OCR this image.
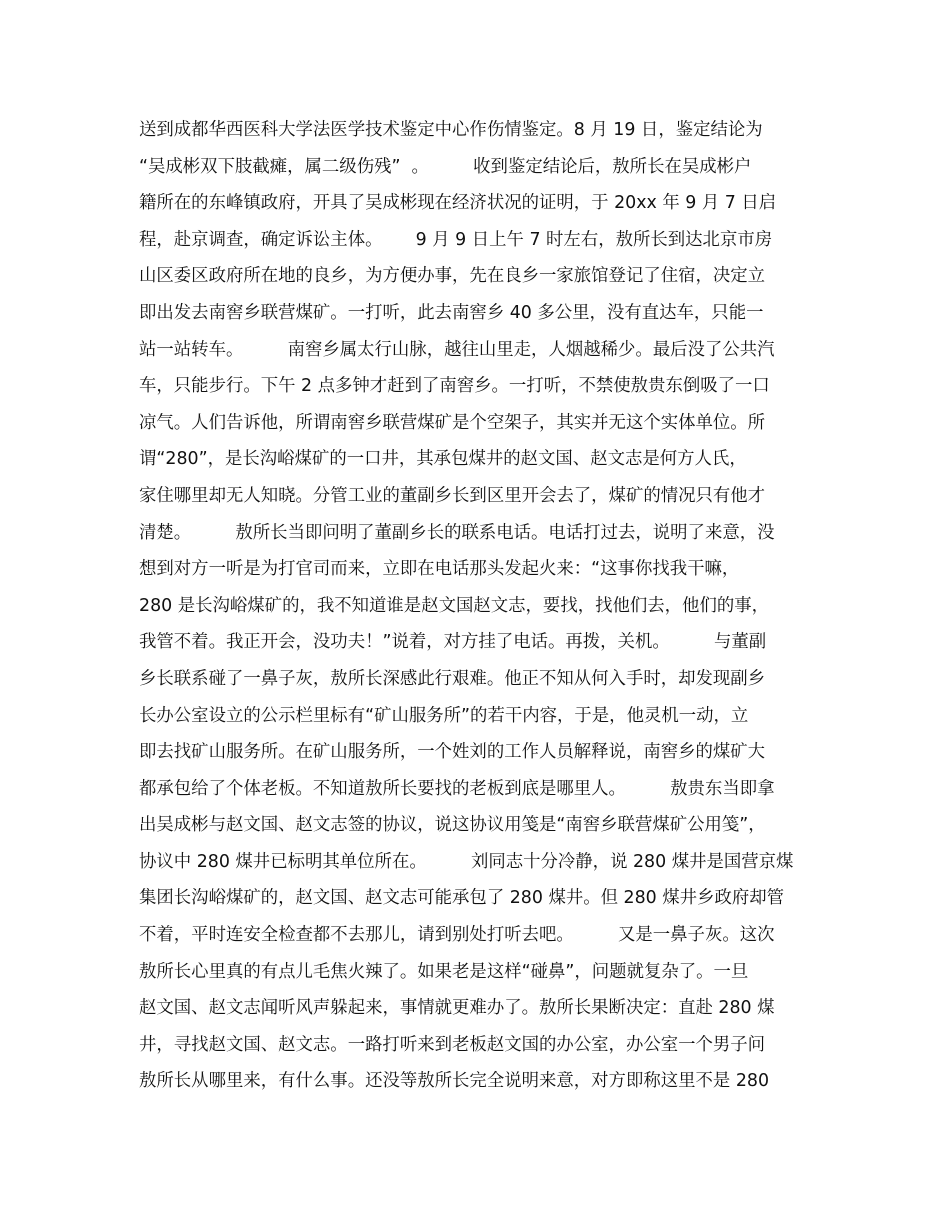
送到成都华西医科大学法医学技术鉴定中心作伤情鉴定。8 月 19 日，鉴定结论为
“吴成彬双下肢截瘫，属二级伤残”  。        收到鉴定结论后，敖所长在吴成彬户
籍所在的东峰镇政府，开具了吴成彬现在经济状况的证明，于 20xx 年 9 月 7 日启
程，赴京调查，确定诉讼主体。      9 月 9 日上午 7 时左右，敖所长到达北京市房
山区委区政府所在地的良乡，为方便办事，先在良乡一家旅馆登记了住宿，决定立
即出发去南窖乡联营煤矿。一打听，此去南窖乡 40 多公里，没有直达车，只能一
站一站转车。        南窖乡属太行山脉，越往山里走，人烟越稀少。最后没了公共汽
车，只能步行。下午 2 点多钟才赶到了南窖乡。一打听，不禁使敖贵东倒吸了一口
凉气。人们告诉他，所谓南窖乡联营煤矿是个空架子，其实并无这个实体单位。所
谓“280”，是长沟峪煤矿的一口井，其承包煤井的赵文国、赵文志是何方人氏，
家住哪里却无人知晓。分管工业的董副乡长到区里开会去了，煤矿的情况只有他才
清楚。        敖所长当即问明了董副乡长的联系电话。电话打过去，说明了来意，没
想到对方一听是为打官司而来，立即在电话那头发起火来：“这事你找我干嘛，
280 是长沟峪煤矿的，我不知道谁是赵文国赵文志，要找，找他们去，他们的事，
我管不着。我正开会，没功夫！”说着，对方挂了电话。再拨，关机。        与董副
乡长联系碰了一鼻子灰，敖所长深感此行艰难。他正不知从何入手时，却发现副乡
长办公室设立的公示栏里标有“矿山服务所”的若干内容，于是，他灵机一动，立
即去找矿山服务所。在矿山服务所，一个姓刘的工作人员解释说，南窖乡的煤矿大
都承包给了个体老板。不知道敖所长要找的老板到底是哪里人。        敖贵东当即拿
出吴成彬与赵文国、赵文志签的协议，说这协议用笺是“南窖乡联营煤矿公用笺”，
协议中 280 煤井已标明其单位所在。        刘同志十分冷静，说 280 煤井是国营京煤
集团长沟峪煤矿的，赵文国、赵文志可能承包了 280 煤井。但 280 煤井乡政府却管
不着，平时连安全检查都不去那儿，请到别处打听去吧。        又是一鼻子灰。这次
敖所长心里真的有点儿毛焦火辣了。如果老是这样“碰鼻”，问题就复杂了。一旦
赵文国、赵文志闻听风声躲起来，事情就更难办了。敖所长果断决定：直赴 280 煤
井，寻找赵文国、赵文志。一路打听来到老板赵文国的办公室，办公室一个男子问
敖所长从哪里来，有什么事。还没等敖所长完全说明来意，对方即称这里不是 280
